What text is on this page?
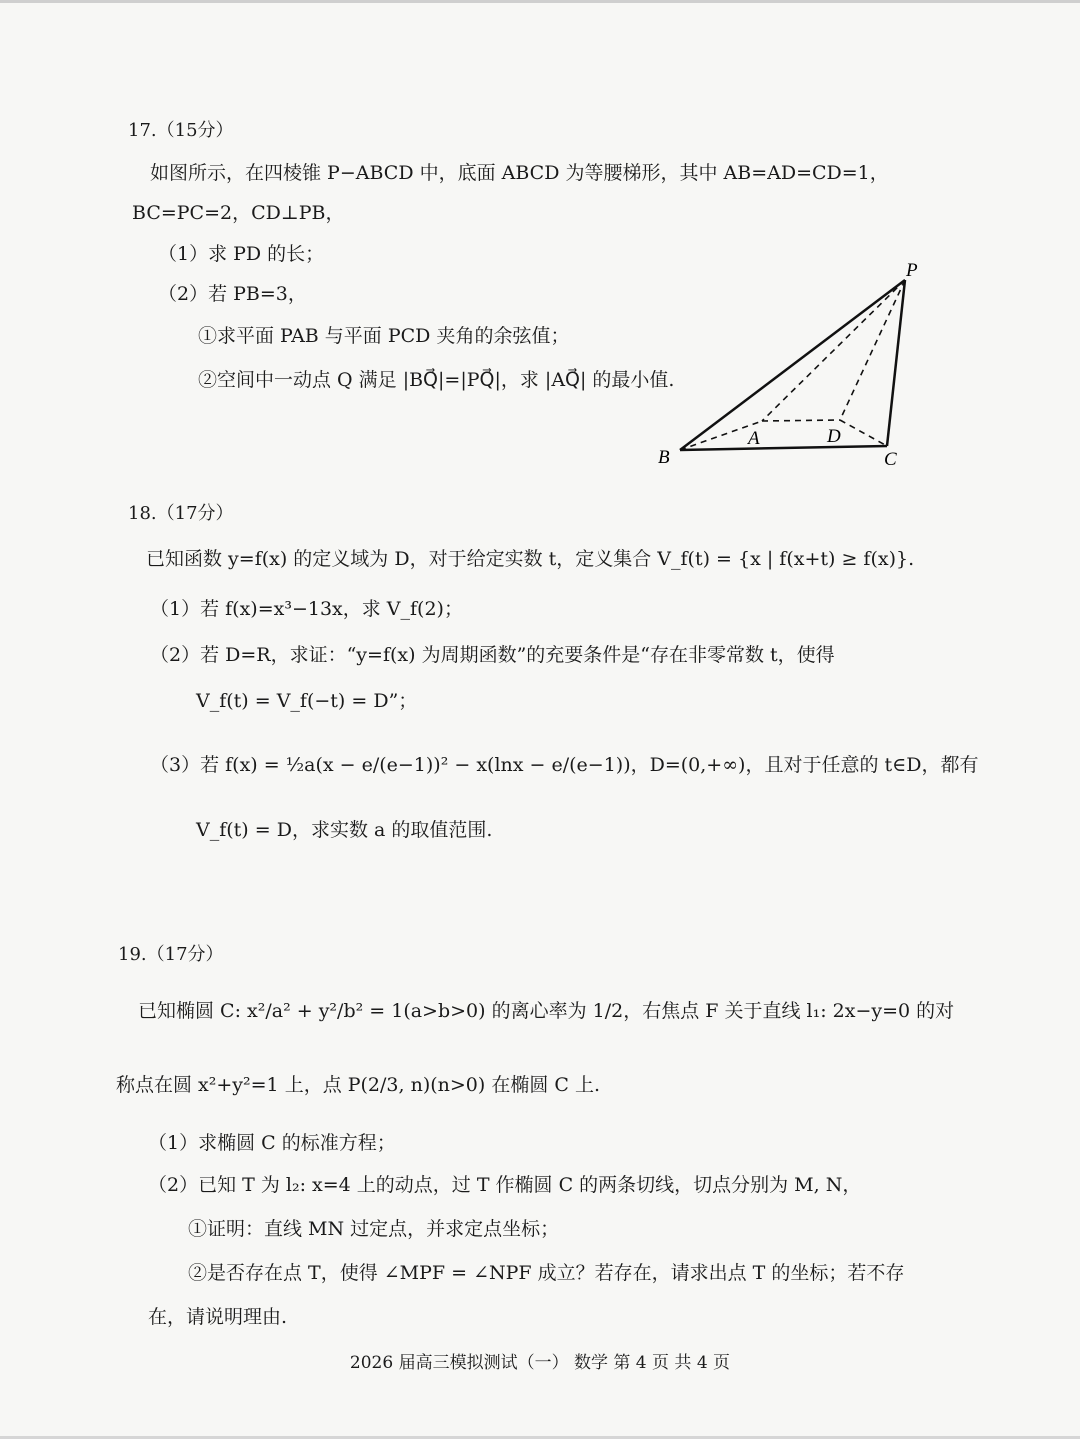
17.（15分）
如图所示，在四棱锥 P−ABCD 中，底面 ABCD 为等腰梯形，其中 AB=AD=CD=1，
BC=PC=2，CD⊥PB，
（1）求 PD 的长；
（2）若 PB=3，
①求平面 PAB 与平面 PCD 夹角的余弦值；
②空间中一动点 Q 满足 |BQ⃗|=|PQ⃗|，求 |AQ⃗| 的最小值.
P
A
B	C
D
18.（17分）
已知函数 y=f(x) 的定义域为 D，对于给定实数 t，定义集合 V_f(t) = {x | f(x+t) ≥ f(x)}.
（1）若 f(x)=x³−13x，求 V_f(2)；
（2）若 D=R，求证：“y=f(x) 为周期函数”的充要条件是“存在非零常数 t，使得
V_f(t) = V_f(−t) = D”；
（3）若 f(x) = ½a(x − e/(e−1))² − x(lnx − e/(e−1))，D=(0,+∞)，且对于任意的 t∈D，都有
V_f(t) = D，求实数 a 的取值范围.
19.（17分）
已知椭圆 C: x²/a² + y²/b² = 1(a>b>0) 的离心率为 1/2，右焦点 F 关于直线 l₁: 2x−y=0 的对
称点在圆 x²+y²=1 上，点 P(2/3, n)(n>0) 在椭圆 C 上.
（1）求椭圆 C 的标准方程；
（2）已知 T 为 l₂: x=4 上的动点，过 T 作椭圆 C 的两条切线，切点分别为 M, N，
①证明：直线 MN 过定点，并求定点坐标；
②是否存在点 T，使得 ∠MPF = ∠NPF 成立？若存在，请求出点 T 的坐标；若不存
在，请说明理由.
2026 届高三模拟测试（一） 数学 第 4 页 共 4 页
